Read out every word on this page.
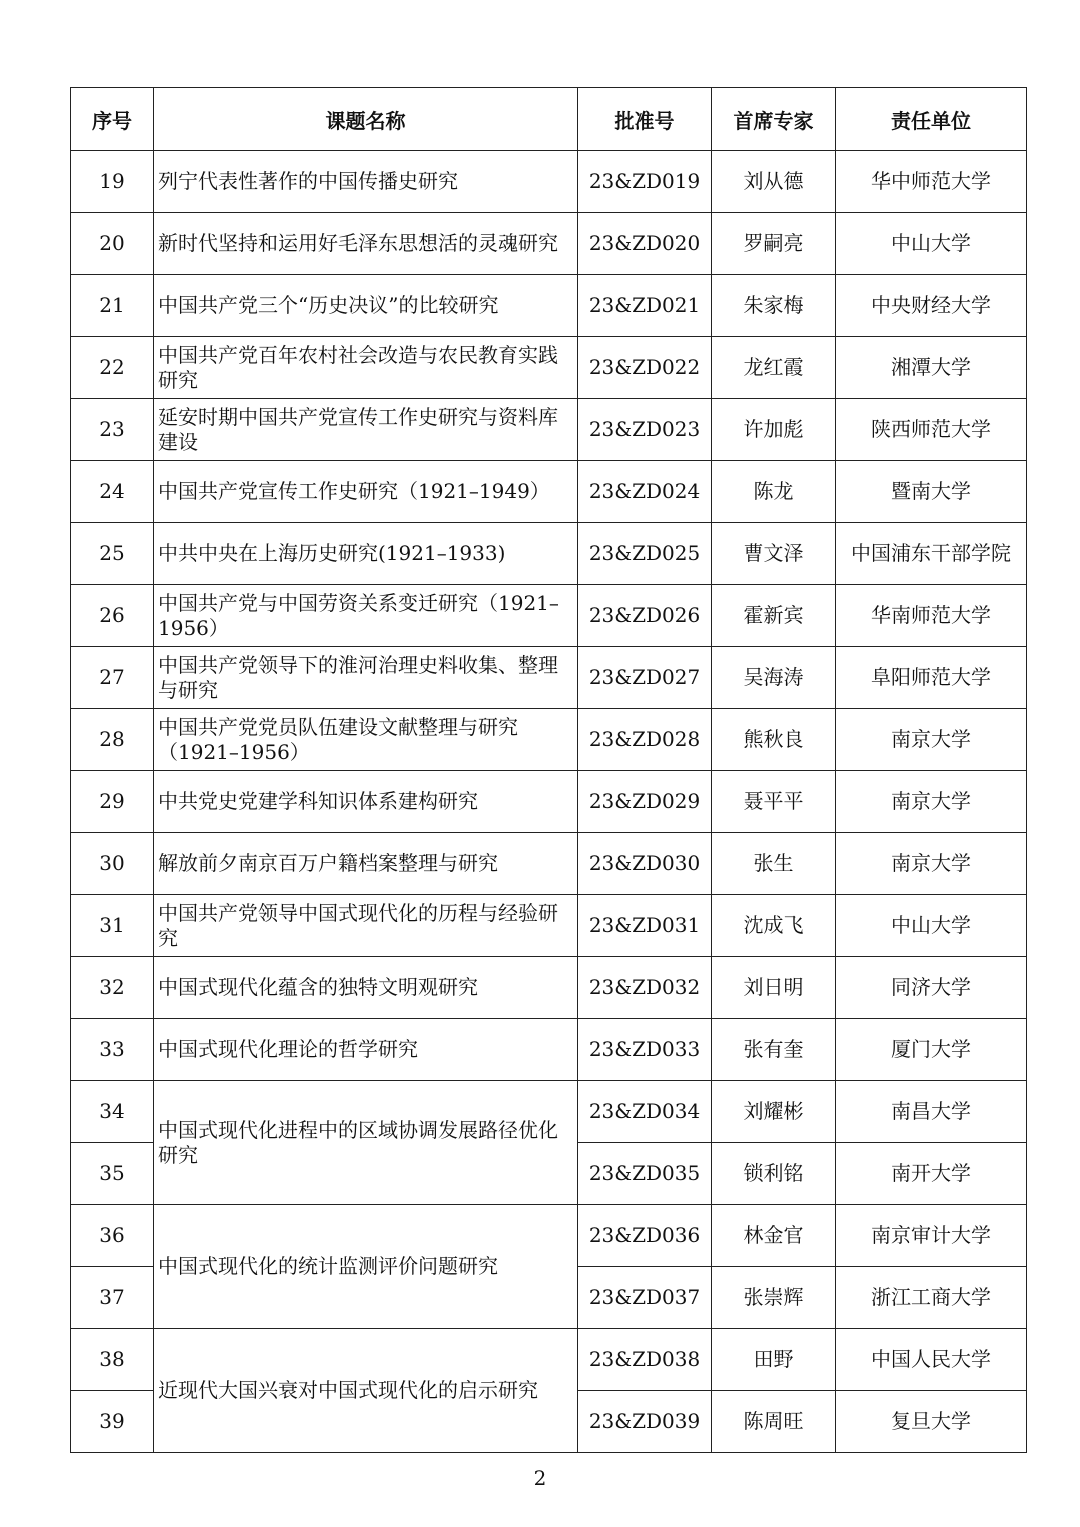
序号	课题名称	批准号	首席专家	责任单位
19	列宁代表性著作的中国传播史研究	23&ZD019	刘从德	华中师范大学
20	新时代坚持和运用好毛泽东思想活的灵魂研究	23&ZD020	罗嗣亮	中山大学
21	中国共产党三个“历史决议”的比较研究	23&ZD021	朱家梅	中央财经大学
22	中国共产党百年农村社会改造与农民教育实践研究	23&ZD022	龙红霞	湘潭大学
23	延安时期中国共产党宣传工作史研究与资料库建设	23&ZD023	许加彪	陕西师范大学
24	中国共产党宣传工作史研究（1921–1949）	23&ZD024	陈龙	暨南大学
25	中共中央在上海历史研究(1921–1933)	23&ZD025	曹文泽	中国浦东干部学院
26	中国共产党与中国劳资关系变迁研究（1921–1956）	23&ZD026	霍新宾	华南师范大学
27	中国共产党领导下的淮河治理史料收集、整理与研究	23&ZD027	吴海涛	阜阳师范大学
28	中国共产党党员队伍建设文献整理与研究（1921–1956）	23&ZD028	熊秋良	南京大学
29	中共党史党建学科知识体系建构研究	23&ZD029	聂平平	南京大学
30	解放前夕南京百万户籍档案整理与研究	23&ZD030	张生	南京大学
31	中国共产党领导中国式现代化的历程与经验研究	23&ZD031	沈成飞	中山大学
32	中国式现代化蕴含的独特文明观研究	23&ZD032	刘日明	同济大学
33	中国式现代化理论的哲学研究	23&ZD033	张有奎	厦门大学
34	中国式现代化进程中的区域协调发展路径优化研究	23&ZD034	刘耀彬	南昌大学
35		23&ZD035	锁利铭	南开大学
36	中国式现代化的统计监测评价问题研究	23&ZD036	林金官	南京审计大学
37		23&ZD037	张崇辉	浙江工商大学
38	近现代大国兴衰对中国式现代化的启示研究	23&ZD038	田野	中国人民大学
39		23&ZD039	陈周旺	复旦大学
2
